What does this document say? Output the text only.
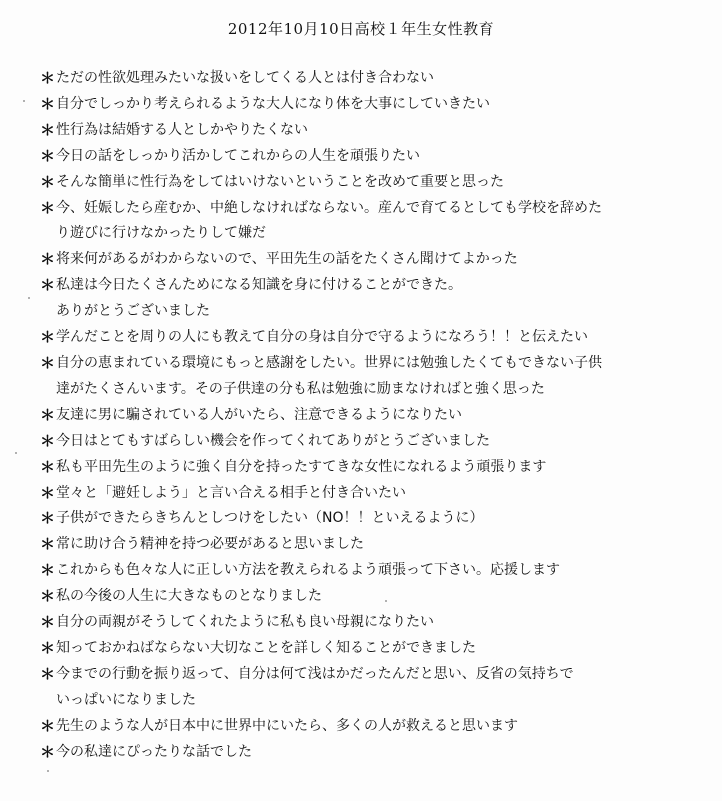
2012年10月10日高校１年生女性教育
＊ ただの性欲処理みたいな扱いをしてくる人とは付き合わない
＊ 自分でしっかり考えられるような大人になり体を大事にしていきたい
＊ 性行為は結婚する人としかやりたくない
＊ 今日の話をしっかり活かしてこれからの人生を頑張りたい
＊ そんな簡単に性行為をしてはいけないということを改めて重要と思った
＊ 今、妊娠したら産むか、中絶しなければならない。産んで育てるとしても学校を辞めた
り遊びに行けなかったりして嫌だ
＊ 将来何があるがわからないので、平田先生の話をたくさん聞けてよかった
＊ 私達は今日たくさんためになる知識を身に付けることができた。
ありがとうございました
＊ 学んだことを周りの人にも教えて自分の身は自分で守るようになろう！！と伝えたい
＊ 自分の恵まれている環境にもっと感謝をしたい。世界には勉強したくてもできない子供
達がたくさんいます。その子供達の分も私は勉強に励まなければと強く思った
＊ 友達に男に騙されている人がいたら、注意できるようになりたい
＊ 今日はとてもすばらしい機会を作ってくれてありがとうございました
＊ 私も平田先生のように強く自分を持ったすてきな女性になれるよう頑張ります
＊ 堂々と「避妊しよう」と言い合える相手と付き合いたい
＊ 子供ができたらきちんとしつけをしたい（NO！！といえるように）
＊ 常に助け合う精神を持つ必要があると思いました
＊ これからも色々な人に正しい方法を教えられるよう頑張って下さい。応援します
＊ 私の今後の人生に大きなものとなりました
＊ 自分の両親がそうしてくれたように私も良い母親になりたい
＊ 知っておかねばならない大切なことを詳しく知ることができました
＊ 今までの行動を振り返って、自分は何て浅はかだったんだと思い、反省の気持ちで
いっぱいになりました
＊ 先生のような人が日本中に世界中にいたら、多くの人が救えると思います
＊ 今の私達にぴったりな話でした
